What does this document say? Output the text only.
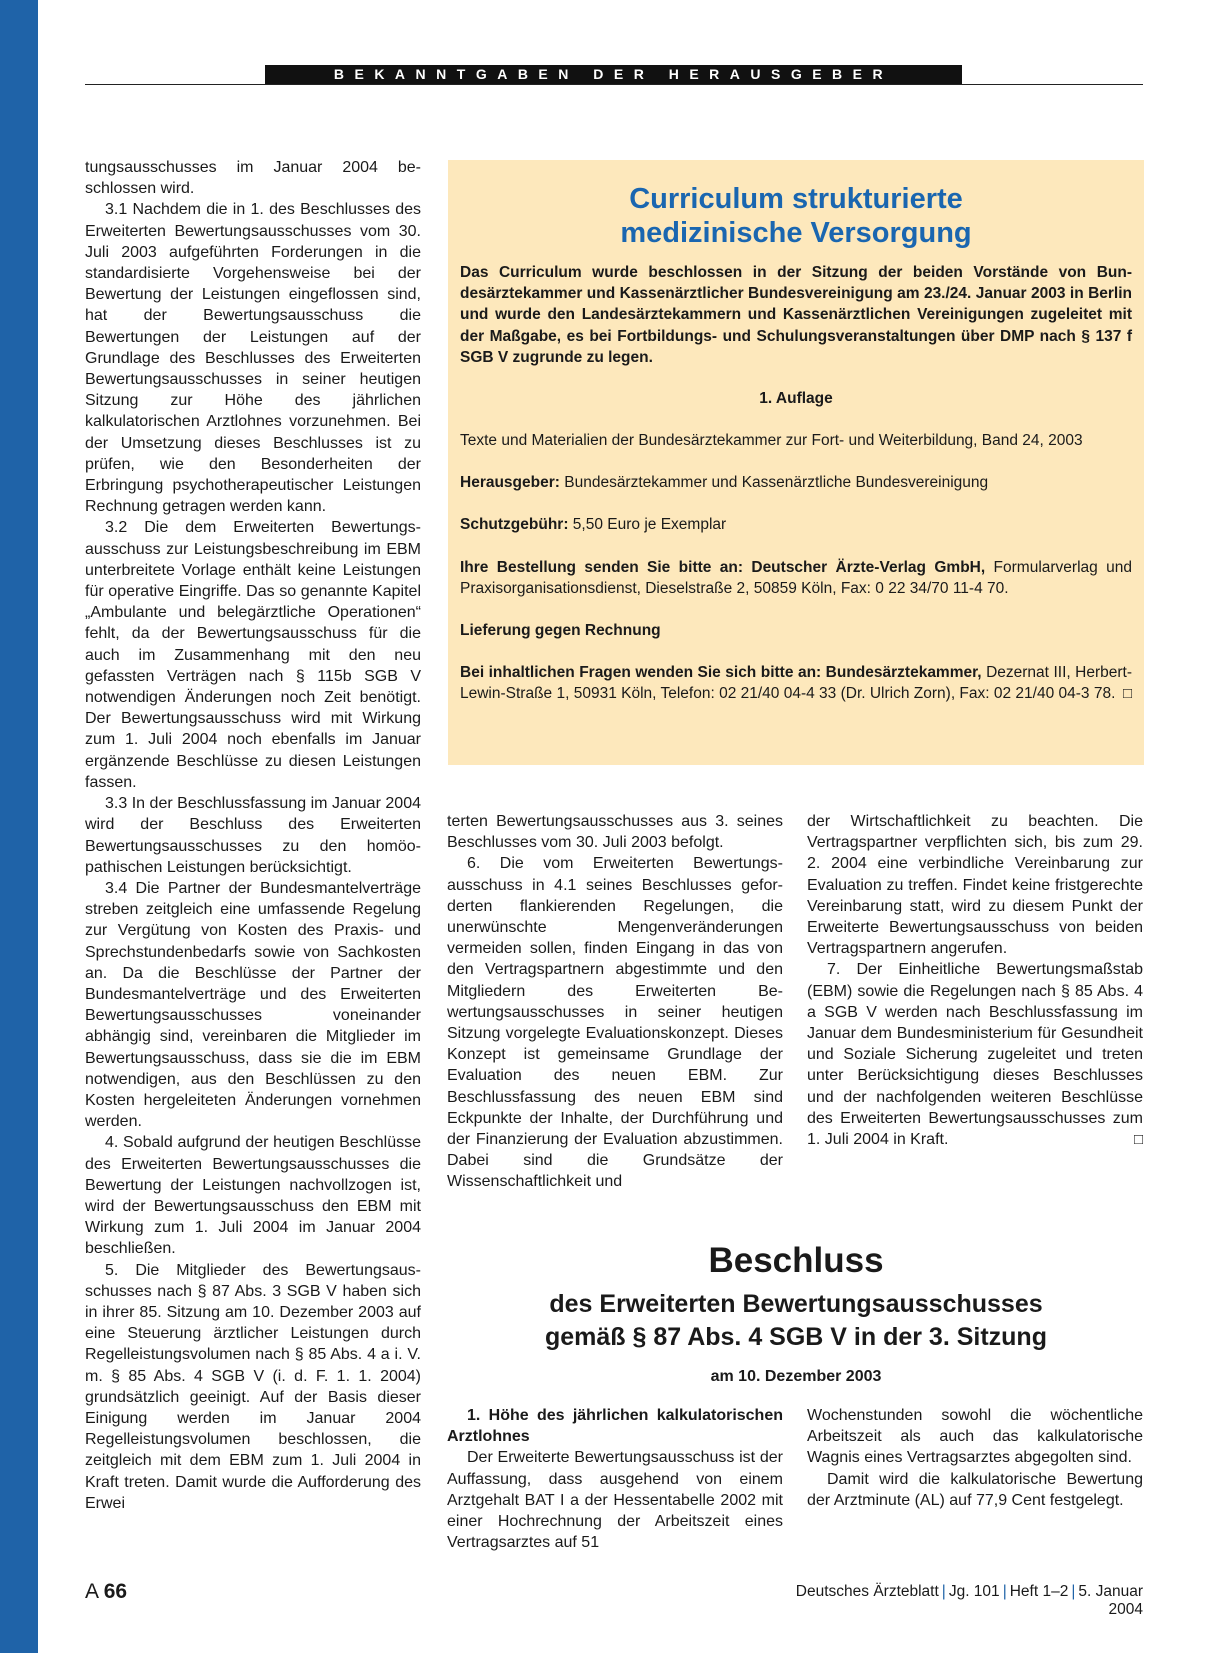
BEKANNTGABEN DER HERAUSGEBER

tungsausschusses im Januar 2004 beschlossen wird.

3.1 Nachdem die in 1. des Beschlusses des Erweiterten Bewertungsausschusses vom 30. Juli 2003 aufgeführten Forderungen in die standardisierte Vorgehensweise bei der Bewertung der Leistungen eingeflossen sind, hat der Bewertungsausschuss die Bewertungen der Leistungen auf der Grundlage des Beschlusses des Erweiterten Bewertungsausschusses in seiner heutigen Sitzung zur Höhe des jährlichen kalkulatorischen Arztlohnes vorzunehmen. Bei der Umsetzung dieses Beschlusses ist zu prüfen, wie den Besonderheiten der Erbringung psychotherapeutischer Leistungen Rechnung getragen werden kann.

3.2 Die dem Erweiterten Bewertungsausschuss zur Leistungsbeschreibung im EBM unterbreitete Vorlage enthält keine Leistungen für operative Eingriffe. Das so genannte Kapitel „Ambulante und belegärztliche Operationen“ fehlt, da der Bewertungsausschuss für die auch im Zusammenhang mit den neu gefassten Verträgen nach § 115b SGB V notwendigen Änderungen noch Zeit benötigt. Der Bewertungsausschuss wird mit Wirkung zum 1. Juli 2004 noch ebenfalls im Januar ergänzende Beschlüsse zu diesen Leistungen fassen.

3.3 In der Beschlussfassung im Januar 2004 wird der Beschluss des Erweiterten Bewertungsausschusses zu den homöopathischen Leistungen berücksichtigt.

3.4 Die Partner der Bundesmantelverträge streben zeitgleich eine umfassende Regelung zur Vergütung von Kosten des Praxis- und Sprechstundenbedarfs sowie von Sachkosten an. Da die Beschlüsse der Partner der Bundesmantelverträge und des Erweiterten Bewertungsausschusses voneinander abhängig sind, vereinbaren die Mitglieder im Bewertungsausschuss, dass sie die im EBM notwendigen, aus den Beschlüssen zu den Kosten hergeleiteten Änderungen vornehmen werden.

4. Sobald aufgrund der heutigen Beschlüsse des Erweiterten Bewertungsausschusses die Bewertung der Leistungen nachvollzogen ist, wird der Bewertungsausschuss den EBM mit Wirkung zum 1. Juli 2004 im Januar 2004 beschließen.

5. Die Mitglieder des Bewertungsausschusses nach § 87 Abs. 3 SGB V haben sich in ihrer 85. Sitzung am 10. Dezember 2003 auf eine Steuerung ärztlicher Leistungen durch Regelleistungsvolumen nach § 85 Abs. 4 a i. V. m. § 85 Abs. 4 SGB V (i. d. F. 1. 1. 2004) grundsätzlich geeinigt. Auf der Basis dieser Einigung werden im Januar 2004 Regelleistungsvolumen beschlossen, die zeitgleich mit dem EBM zum 1. Juli 2004 in Kraft treten. Damit wurde die Aufforderung des Erwei

Curriculum strukturierte
medizinische Versorgung
Das Curriculum wurde beschlossen in der Sitzung der beiden Vorstände von Bundesärztekammer und Kassenärztlicher Bundesvereinigung am 23./24. Januar 2003 in Berlin und wurde den Landesärztekammern und Kassenärztlichen Vereinigungen zugeleitet mit der Maßgabe, es bei Fortbildungs- und Schulungsveranstaltungen über DMP nach § 137 f SGB V zugrunde zu legen.
1. Auflage

Texte und Materialien der Bundesärztekammer zur Fort- und Weiterbildung, Band 24, 2003

Herausgeber: Bundesärztekammer und Kassenärztliche Bundesvereinigung

Schutzgebühr: 5,50 Euro je Exemplar

Ihre Bestellung senden Sie bitte an: Deutscher Ärzte-Verlag GmbH, Formularverlag und Praxisorganisationsdienst, Dieselstraße 2, 50859 Köln, Fax: 0 22 34/70 11-4 70.

Lieferung gegen Rechnung

Bei inhaltlichen Fragen wenden Sie sich bitte an: Bundesärztekammer, Dezernat III, Herbert-Lewin-Straße 1, 50931 Köln, Telefon: 02 21/40 04-4 33 (Dr. Ulrich Zorn), Fax: 02 21/40 04-3 78. □

terten Bewertungsausschusses aus 3. seines Beschlusses vom 30. Juli 2003 befolgt.

6. Die vom Erweiterten Bewertungsausschuss in 4.1 seines Beschlusses geforderten flankierenden Regelungen, die unerwünschte Mengenveränderungen vermeiden sollen, finden Eingang in das von den Vertragspartnern abgestimmte und den Mitgliedern des Erweiterten Bewertungsausschusses in seiner heutigen Sitzung vorgelegte Evaluationskonzept. Dieses Konzept ist gemeinsame Grundlage der Evaluation des neuen EBM. Zur Beschlussfassung des neuen EBM sind Eckpunkte der Inhalte, der Durchführung und der Finanzierung der Evaluation abzustimmen. Dabei sind die Grundsätze der Wissenschaftlichkeit und

der Wirtschaftlichkeit zu beachten. Die Vertragspartner verpflichten sich, bis zum 29. 2. 2004 eine verbindliche Vereinbarung zur Evaluation zu treffen. Findet keine fristgerechte Vereinbarung statt, wird zu diesem Punkt der Erweiterte Bewertungsausschuss von beiden Vertragspartnern angerufen.

7. Der Einheitliche Bewertungsmaßstab (EBM) sowie die Regelungen nach § 85 Abs. 4 a SGB V werden nach Beschlussfassung im Januar dem Bundesministerium für Gesundheit und Soziale Sicherung zugeleitet und treten unter Berücksichtigung dieses Beschlusses und der nachfolgenden weiteren Beschlüsse des Erweiterten Bewertungsausschusses zum 1. Juli 2004 in Kraft.	□

Beschluss
des Erweiterten Bewertungsausschusses
gemäß § 87 Abs. 4 SGB V in der 3. Sitzung
am 10. Dezember 2003

1. Höhe des jährlichen kalkulatorischen Arztlohnes

Der Erweiterte Bewertungsausschuss ist der Auffassung, dass ausgehend von einem Arztgehalt BAT I a der Hessentabelle 2002 mit einer Hochrechnung der Arbeitszeit eines Vertragsarztes auf 51

Wochenstunden sowohl die wöchentliche Arbeitszeit als auch das kalkulatorische Wagnis eines Vertragsarztes abgegolten sind.

Damit wird die kalkulatorische Bewertung der Arztminute (AL) auf 77,9 Cent festgelegt.

A 66	Deutsches Ärzteblatt | Jg. 101 | Heft 1–2 | 5. Januar 2004
